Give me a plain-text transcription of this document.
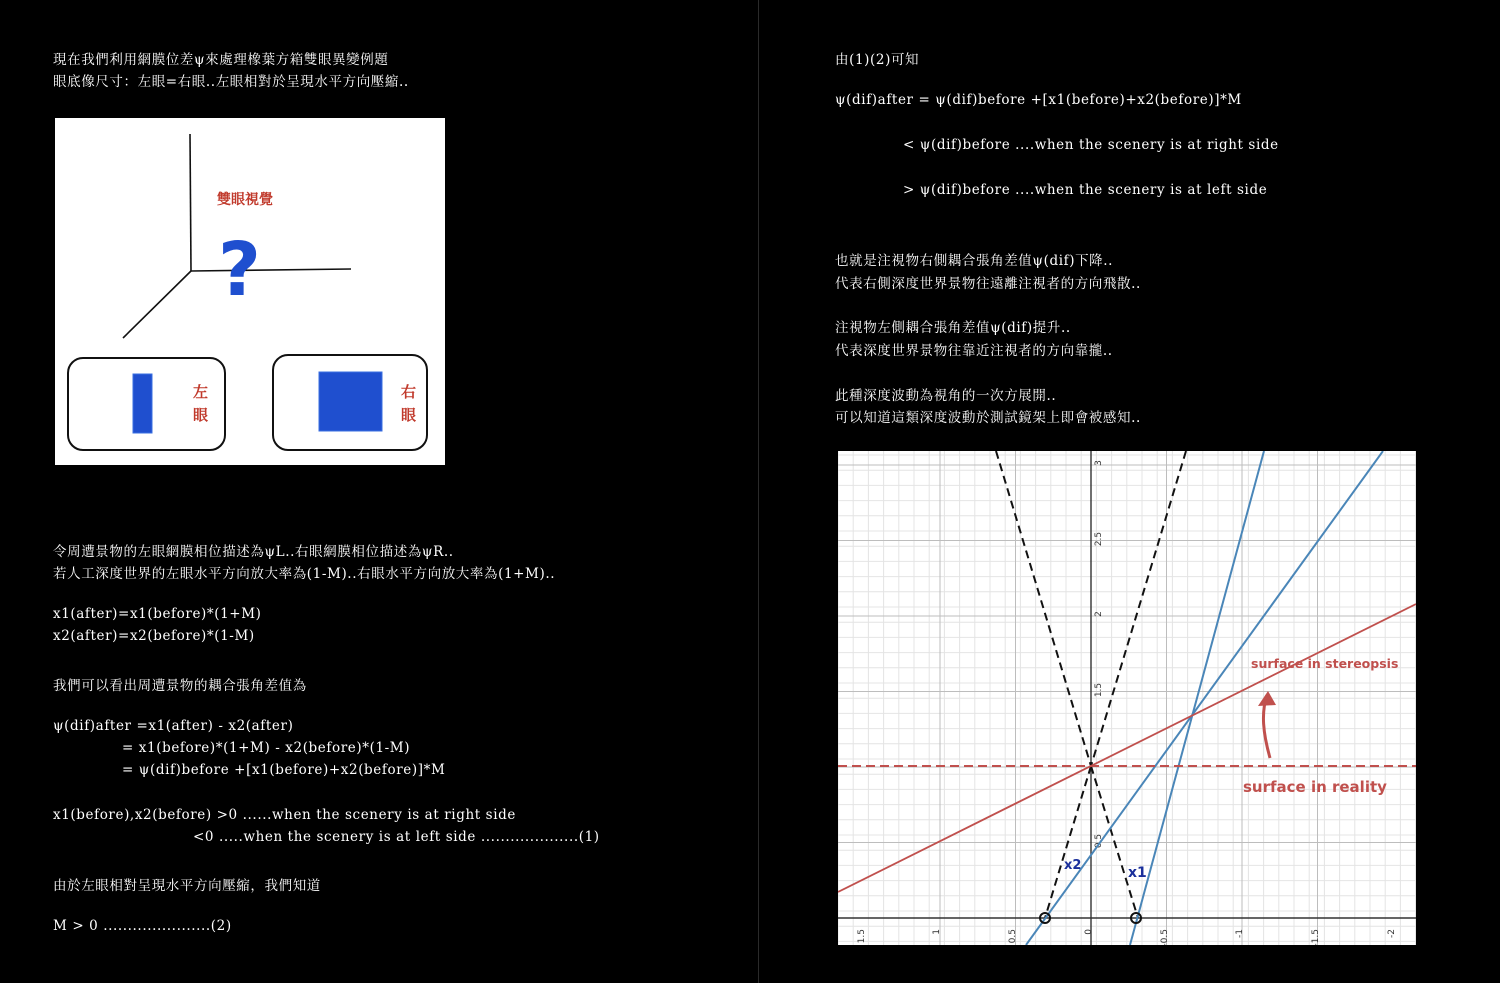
現在我們利用網膜位差ψ來處理橡葉方箱雙眼異變例題
眼底像尺寸：左眼=右眼..左眼相對於呈現水平方向壓縮..
雙眼視覺
?
左
眼
右
眼
令周遭景物的左眼網膜相位描述為ψL..右眼網膜相位描述為ψR..
若人工深度世界的左眼水平方向放大率為(1-M)..右眼水平方向放大率為(1+M)..
x1(after)=x1(before)*(1+M)
x2(after)=x2(before)*(1-M)
我們可以看出周遭景物的耦合張角差值為
ψ(dif)after =x1(after) - x2(after)
= x1(before)*(1+M) - x2(before)*(1-M)
= ψ(dif)before +[x1(before)+x2(before)]*M
x1(before),x2(before) >0 ......when the scenery is at right side
<0 .....when the scenery is at left side ....................(1)
由於左眼相對呈現水平方向壓縮，我們知道
M > 0 ......................(2)
由(1)(2)可知
ψ(dif)after = ψ(dif)before +[x1(before)+x2(before)]*M
< ψ(dif)before ....when the scenery is at right side
> ψ(dif)before ....when the scenery is at left side
也就是注視物右側耦合張角差值ψ(dif)下降..
代表右側深度世界景物往遠離注視者的方向飛散..
注視物左側耦合張角差值ψ(dif)提升..
代表深度世界景物往靠近注視者的方向靠攏..
此種深度波動為視角的一次方展開..
可以知道這類深度波動於測試鏡架上即會被感知..
1.5	1	0.5	0	-0.5	-1	-1.5	-2
3
2.5
2
1.5
0.5
surface in stereopsis
surface in reality
x2	x1
